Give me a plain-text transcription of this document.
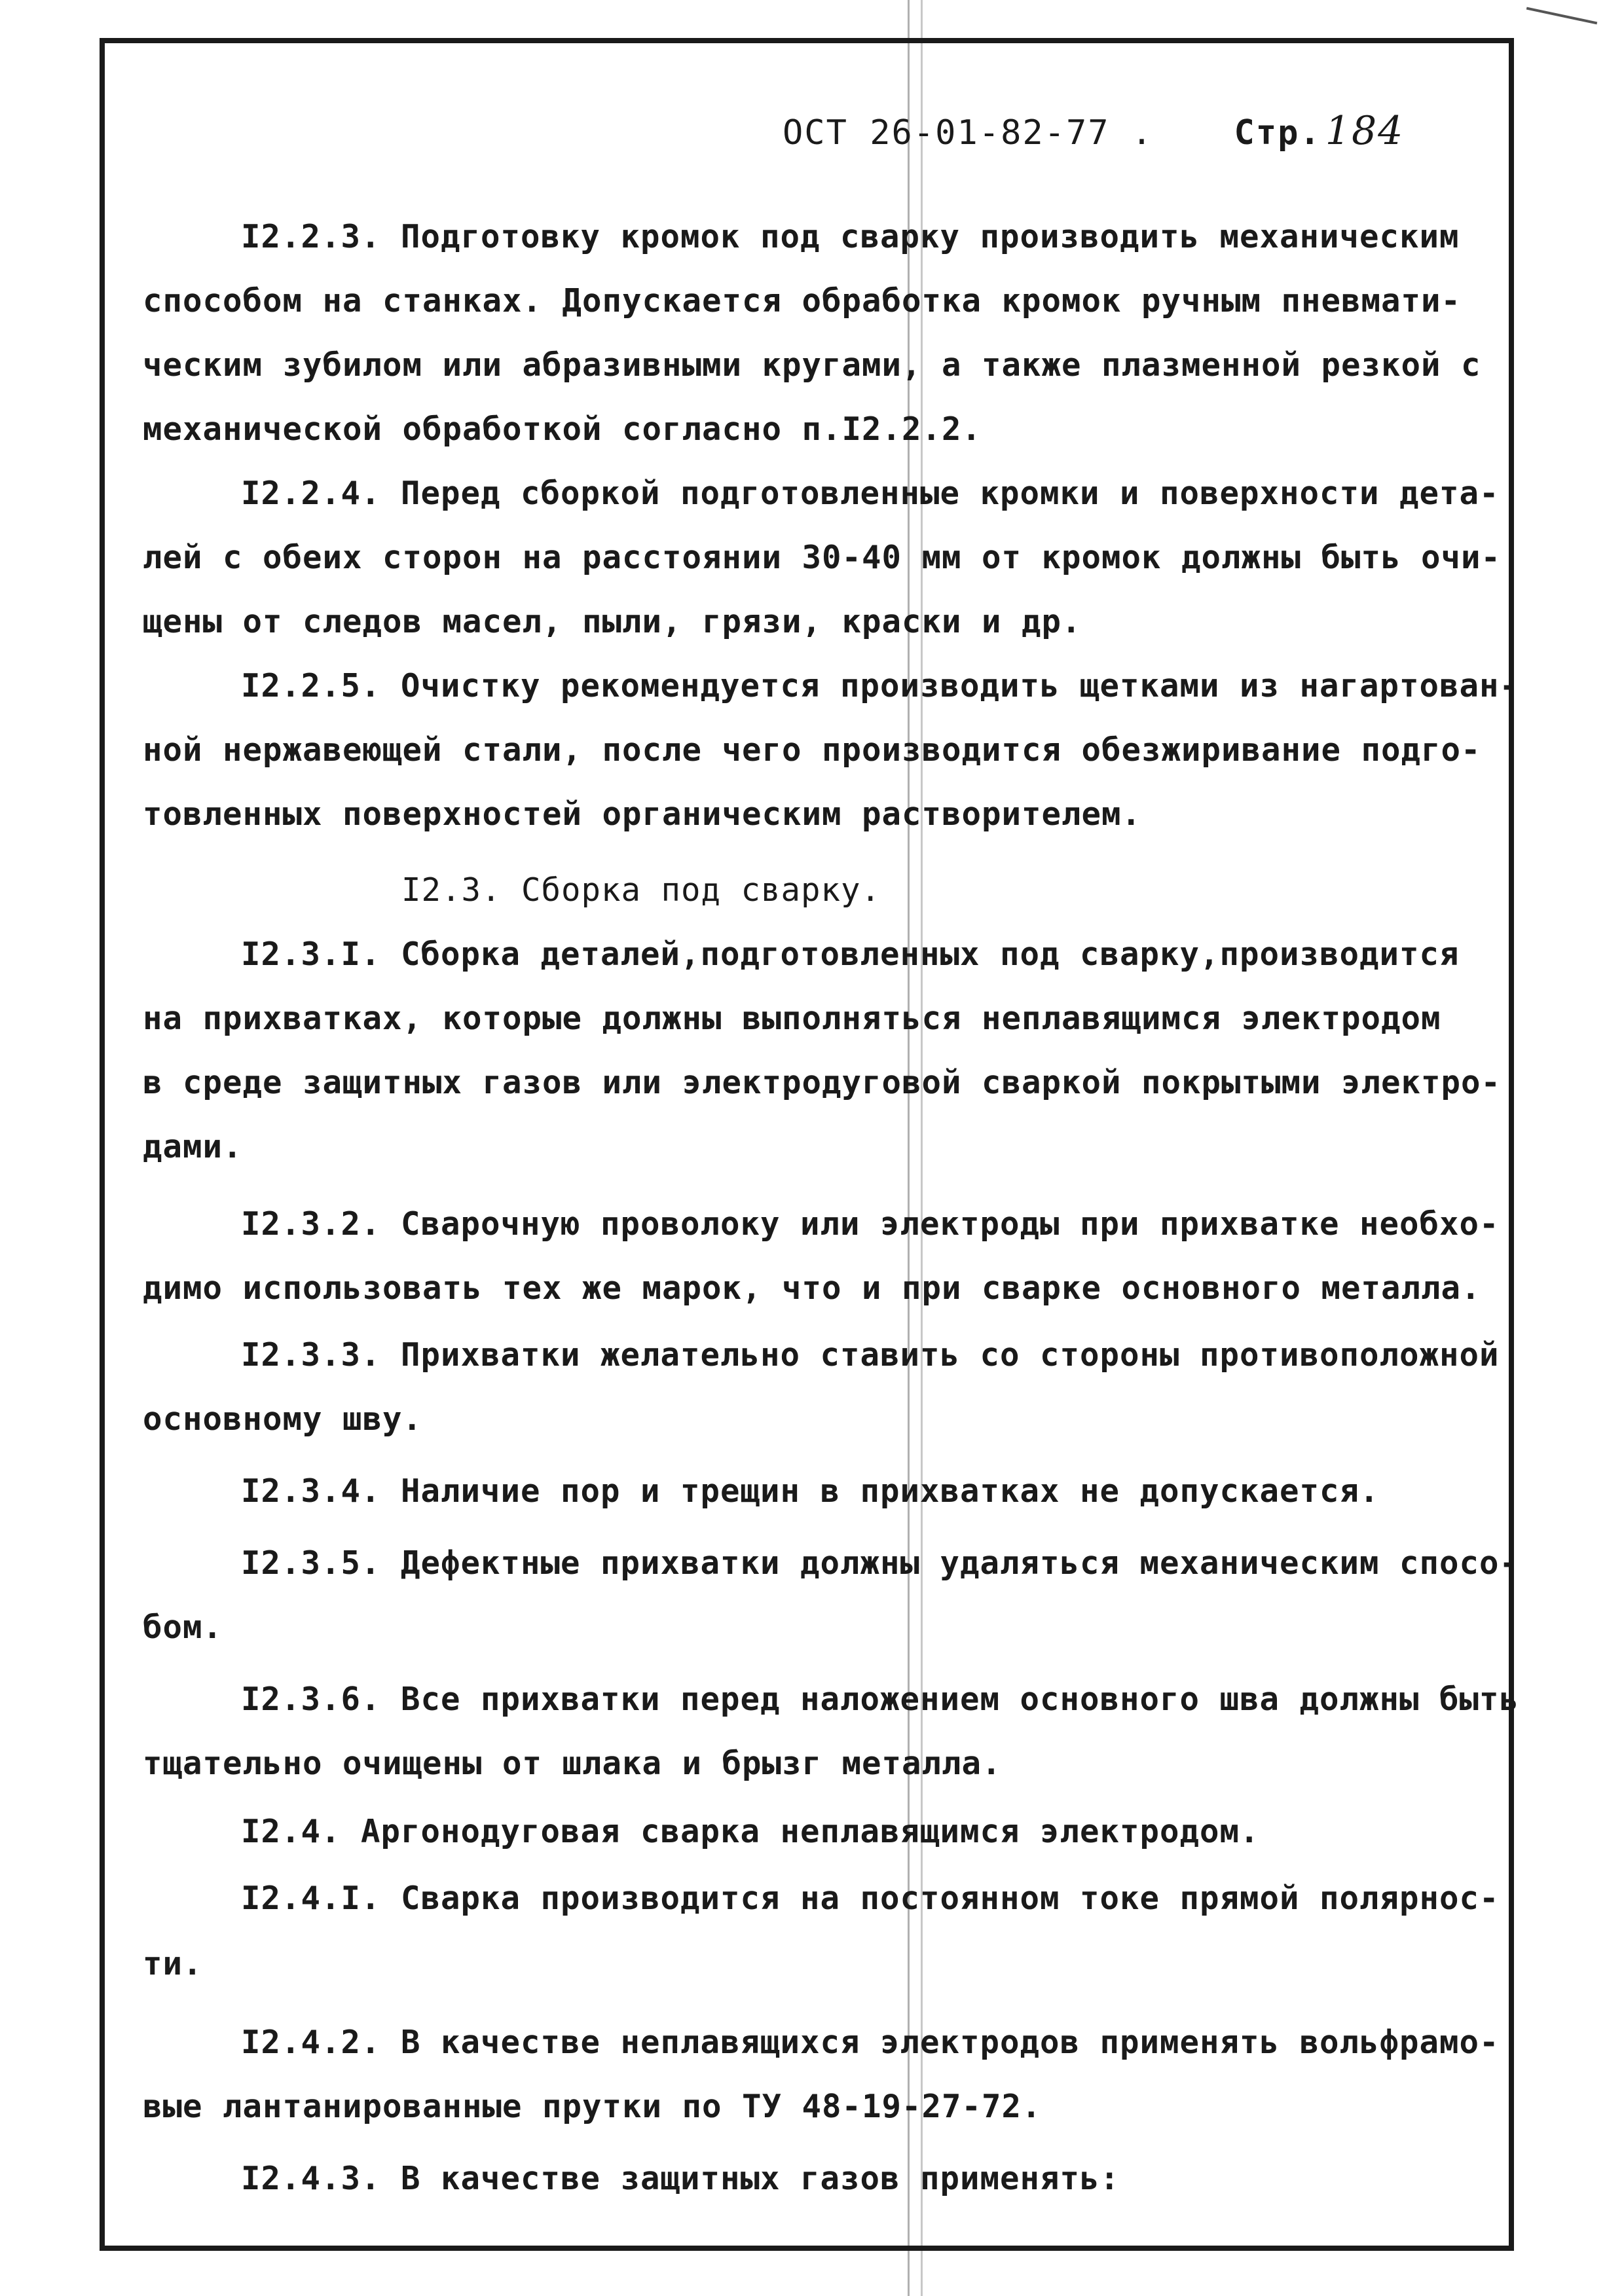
ОСТ 26-01-82-77 . Стр. 184
I2.2.3. Подготовку кромок под сварку производить механическим
способом на станках. Допускается обработка кромок ручным пневмати-
ческим зубилом или абразивными кругами, а также плазменной резкой с
механической обработкой согласно п.I2.2.2.
I2.2.4. Перед сборкой подготовленные кромки и поверхности дета-
лей с обеих сторон на расстоянии 30-40 мм от кромок должны быть очи-
щены от следов масел, пыли, грязи, краски и др.
I2.2.5. Очистку рекомендуется производить щетками из нагартован-
ной нержавеющей стали, после чего производится обезжиривание подго-
товленных поверхностей органическим растворителем.
I2.3. Сборка под сварку.
I2.3.I. Сборка деталей,подготовленных под сварку,производится
на прихватках, которые должны выполняться неплавящимся электродом
в среде защитных газов или электродуговой сваркой покрытыми электро-
дами.
I2.3.2. Сварочную проволоку или электроды при прихватке необхо-
димо использовать тех же марок, что и при сварке основного металла.
I2.3.3. Прихватки желательно ставить со стороны противоположной
основному шву.
I2.3.4. Наличие пор и трещин в прихватках не допускается.
I2.3.5. Дефектные прихватки должны удаляться механическим спосо-
бом.
I2.3.6. Все прихватки перед наложением основного шва должны быть
тщательно очищены от шлака и брызг металла.
I2.4. Аргонодуговая сварка неплавящимся электродом.
I2.4.I. Сварка производится на постоянном токе прямой полярнос-
ти.
I2.4.2. В качестве неплавящихся электродов применять вольфрамо-
вые лантанированные прутки по ТУ 48-19-27-72.
I2.4.3. В качестве защитных газов применять:
